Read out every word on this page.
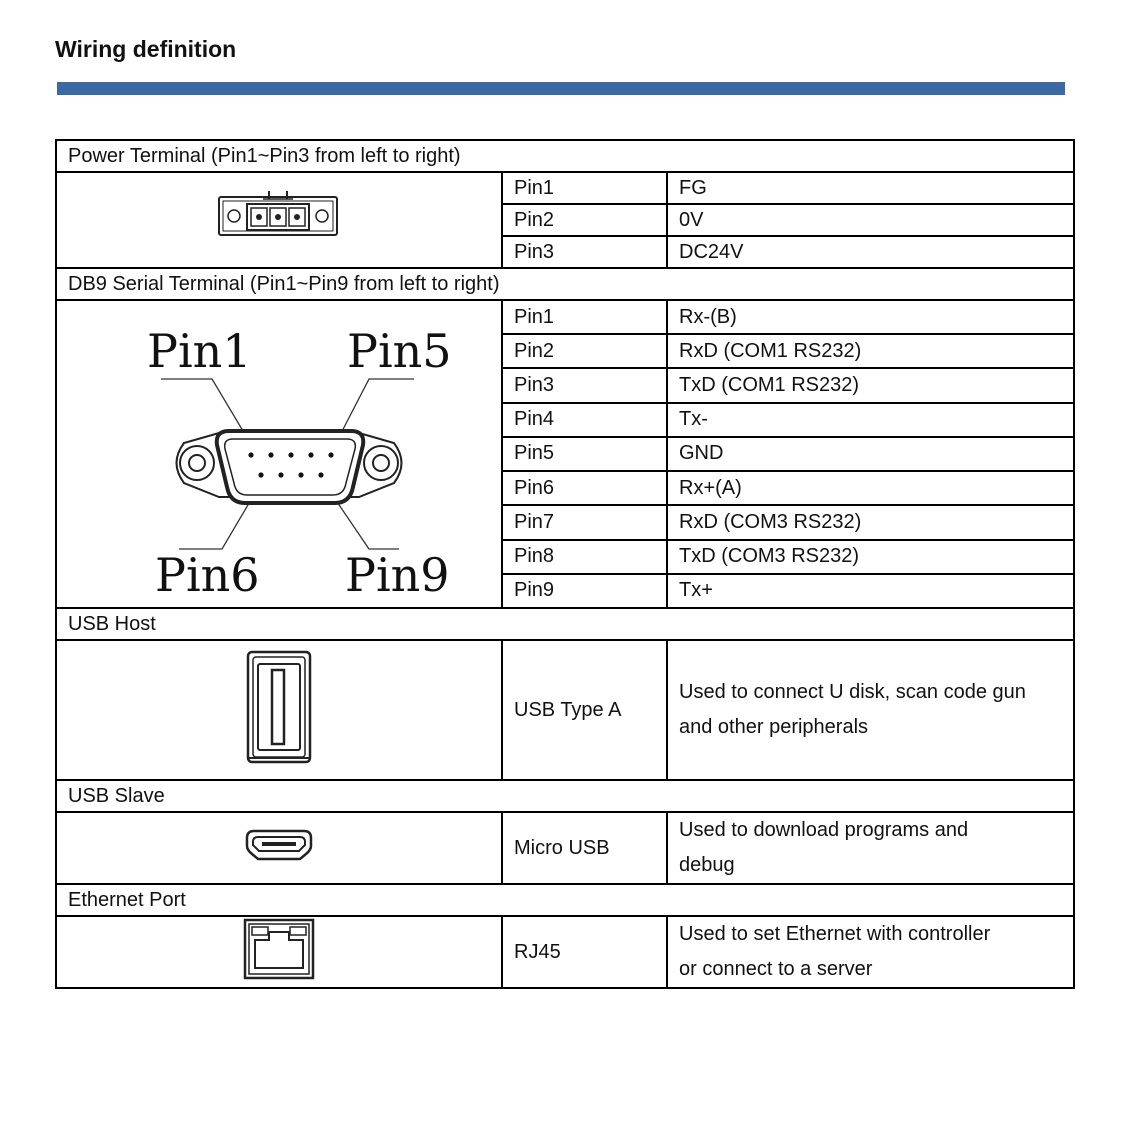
Wiring definition
Power Terminal (Pin1~Pin3 from left to right)		
	Pin1	FG
	Pin2	0V
	Pin3	DC24V
DB9 Serial Terminal (Pin1~Pin9 from left to right)		

Pin1 Pin5
Pin6 Pin9	Pin1	Rx-(B)
	Pin2	RxD (COM1 RS232)
	Pin3	TxD (COM1 RS232)
	Pin4	Tx-
	Pin5	GND
	Pin6	Rx+(A)
	Pin7	RxD (COM3 RS232)
	Pin8	TxD (COM3 RS232)
	Pin9	Tx+
USB Host		
	USB Type A	Used to connect U disk, scan code gun
and other peripherals
USB Slave		
	Micro USB	Used to download programs and
debug
Ethernet Port		
	RJ45	Used to set Ethernet with controller
or connect to a server
